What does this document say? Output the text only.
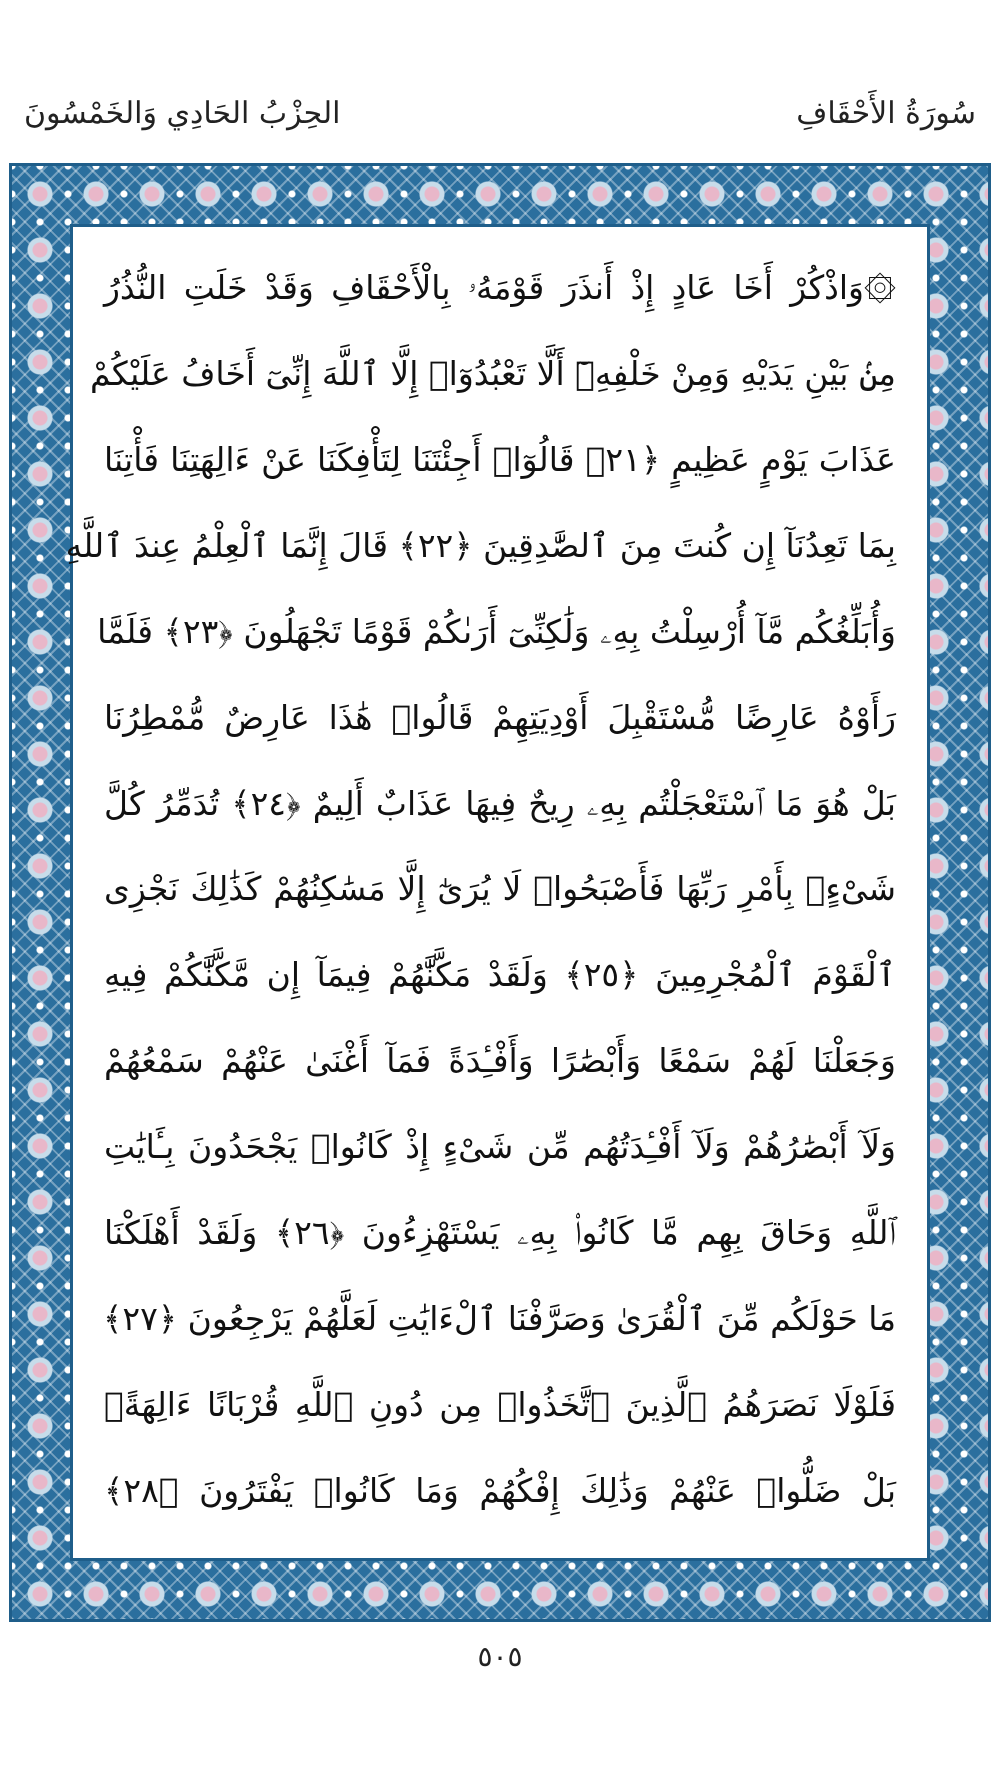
الحِزْبُ الحَادِي وَالخَمْسُونَ	سُورَةُ الأَحْقَافِ
۞وَاذْكُرْ أَخَا عَادٍ إِذْ أَنذَرَ قَوْمَهُۥ بِالْأَحْقَافِ وَقَدْ خَلَتِ النُّذُرُ
مِنۢ بَيْنِ يَدَيْهِ وَمِنْ خَلْفِهِۦٓ أَلَّا تَعْبُدُوٓا۟ إِلَّا ٱللَّهَ إِنِّىٓ أَخَافُ عَلَيْكُمْ
عَذَابَ يَوْمٍ عَظِيمٍ ﴿٢١﴾ قَالُوٓا۟ أَجِئْتَنَا لِتَأْفِكَنَا عَنْ ءَالِهَتِنَا فَأْتِنَا
بِمَا تَعِدُنَآ إِن كُنتَ مِنَ ٱلصَّٰدِقِينَ ﴿٢٢﴾ قَالَ إِنَّمَا ٱلْعِلْمُ عِندَ ٱللَّهِ
وَأُبَلِّغُكُم مَّآ أُرْسِلْتُ بِهِۦ وَلَٰكِنِّىٓ أَرَىٰكُمْ قَوْمًا تَجْهَلُونَ ﴿٢٣﴾ فَلَمَّا
رَأَوْهُ عَارِضًا مُّسْتَقْبِلَ أَوْدِيَتِهِمْ قَالُوا۟ هَٰذَا عَارِضٌ مُّمْطِرُنَا
بَلْ هُوَ مَا ٱسْتَعْجَلْتُم بِهِۦ رِيحٌ فِيهَا عَذَابٌ أَلِيمٌ ﴿٢٤﴾ تُدَمِّرُ كُلَّ
شَىْءٍۭ بِأَمْرِ رَبِّهَا فَأَصْبَحُوا۟ لَا يُرَىٰٓ إِلَّا مَسَٰكِنُهُمْ كَذَٰلِكَ نَجْزِى
ٱلْقَوْمَ ٱلْمُجْرِمِينَ ﴿٢٥﴾ وَلَقَدْ مَكَّنَّٰهُمْ فِيمَآ إِن مَّكَّنَّٰكُمْ فِيهِ
وَجَعَلْنَا لَهُمْ سَمْعًا وَأَبْصَٰرًا وَأَفْـِٔدَةً فَمَآ أَغْنَىٰ عَنْهُمْ سَمْعُهُمْ
وَلَآ أَبْصَٰرُهُمْ وَلَآ أَفْـِٔدَتُهُم مِّن شَىْءٍ إِذْ كَانُوا۟ يَجْحَدُونَ بِـَٔايَٰتِ
ٱللَّهِ وَحَاقَ بِهِم مَّا كَانُوا۟ بِهِۦ يَسْتَهْزِءُونَ ﴿٢٦﴾ وَلَقَدْ أَهْلَكْنَا
مَا حَوْلَكُم مِّنَ ٱلْقُرَىٰ وَصَرَّفْنَا ٱلْءَايَٰتِ لَعَلَّهُمْ يَرْجِعُونَ ﴿٢٧﴾
فَلَوْلَا نَصَرَهُمُ ٱلَّذِينَ ٱتَّخَذُوا۟ مِن دُونِ ٱللَّهِ قُرْبَانًا ءَالِهَةًۢ
بَلْ ضَلُّوا۟ عَنْهُمْ وَذَٰلِكَ إِفْكُهُمْ وَمَا كَانُوا۟ يَفْتَرُونَ ﴿٢٨﴾
٥٠٥
